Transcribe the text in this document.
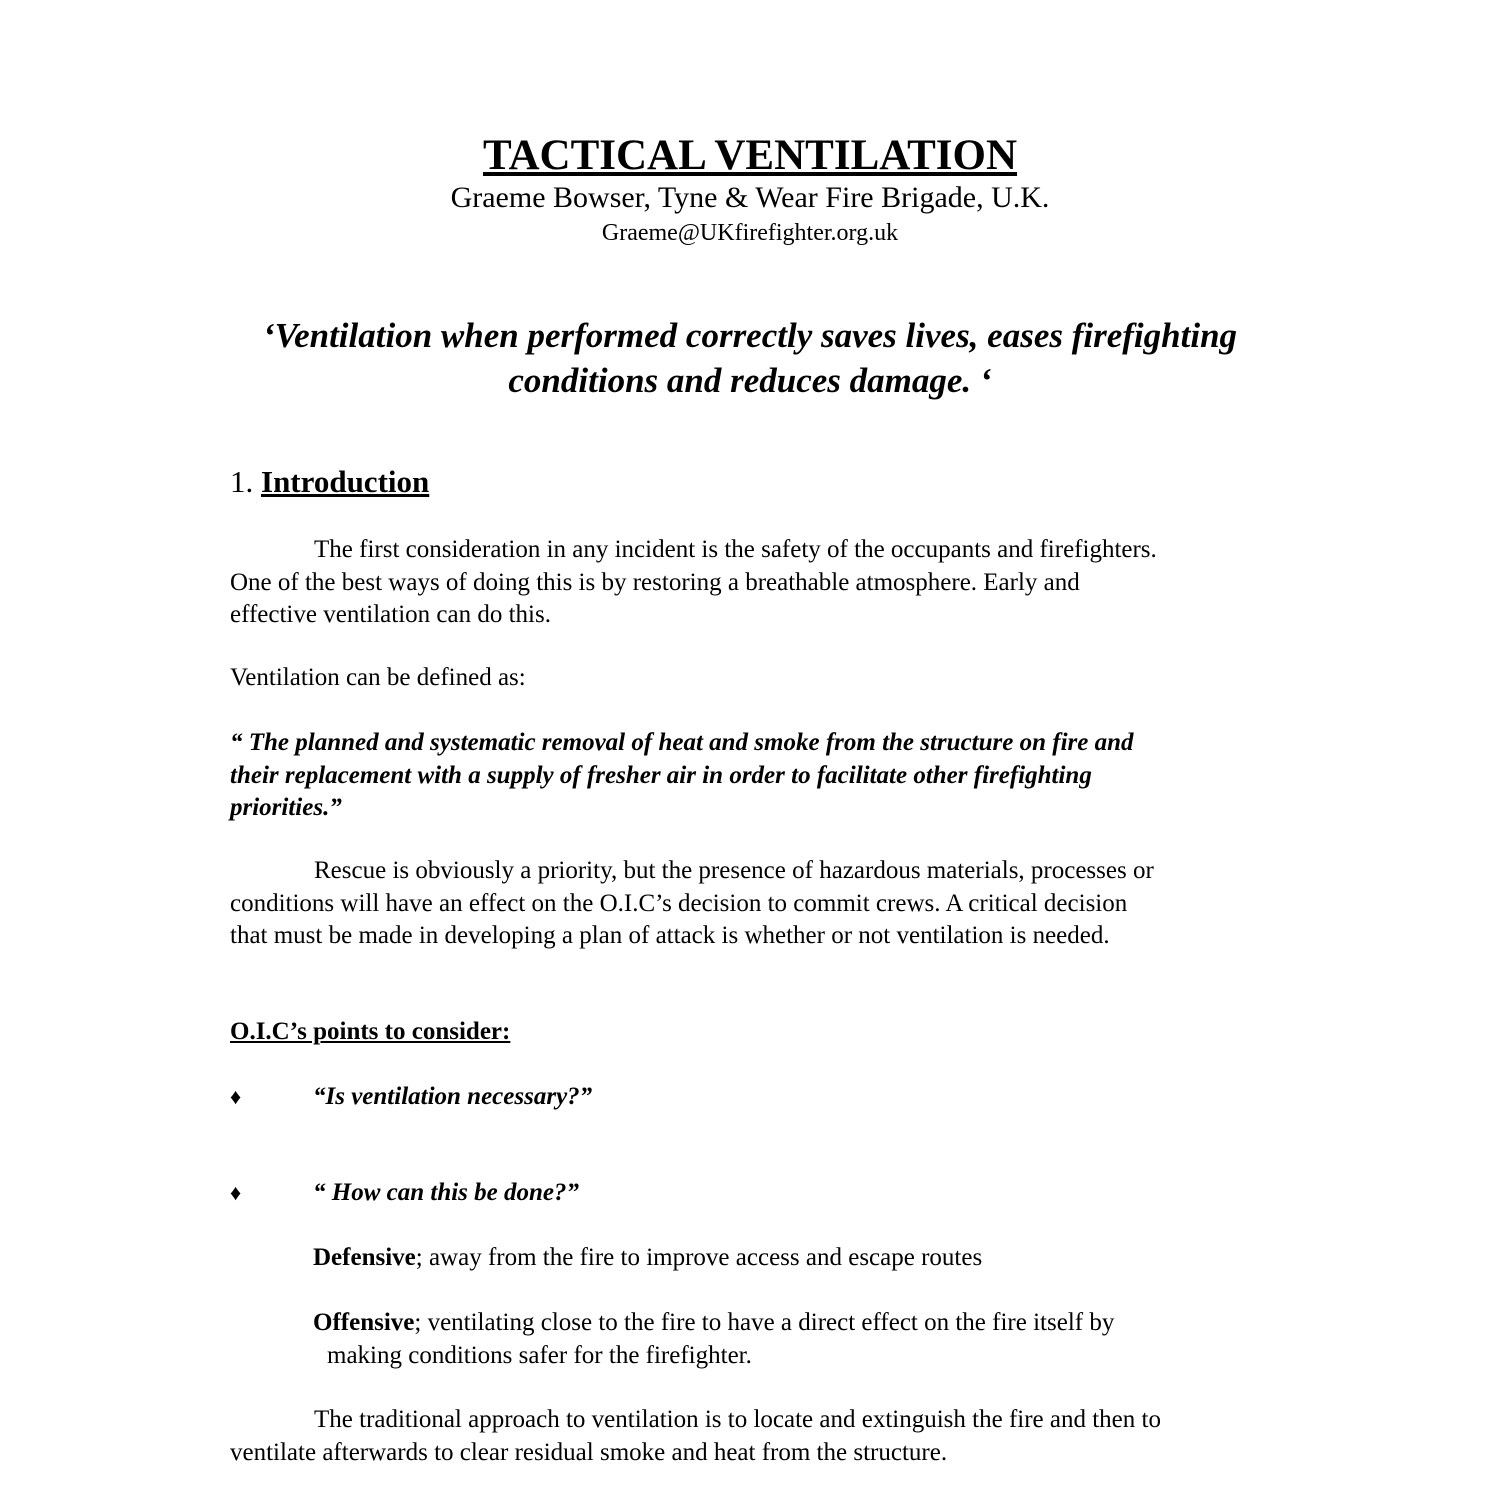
TACTICAL VENTILATION
Graeme Bowser, Tyne & Wear Fire Brigade, U.K.
Graeme@UKfirefighter.org.uk
‘Ventilation when performed correctly saves lives, eases firefighting
conditions and reduces damage. ‘
1. Introduction
The first consideration in any incident is the safety of the occupants and firefighters.
One of the best ways of doing this is by restoring a breathable atmosphere. Early and
effective ventilation can do this.
Ventilation can be defined as:
“ The planned and systematic removal of heat and smoke from the structure on fire and
their replacement with a supply of fresher air in order to facilitate other firefighting
priorities.”
Rescue is obviously a priority, but the presence of hazardous materials, processes or
conditions will have an effect on the O.I.C’s decision to commit crews. A critical decision
that must be made in developing a plan of attack is whether or not ventilation is needed.
O.I.C’s points to consider:
♦	“Is ventilation necessary?”
♦	“ How can this be done?”
Defensive; away from the fire to improve access and escape routes
Offensive; ventilating close to the fire to have a direct effect on the fire itself by
making conditions safer for the firefighter.
The traditional approach to ventilation is to locate and extinguish the fire and then to
ventilate afterwards to clear residual smoke and heat from the structure.
